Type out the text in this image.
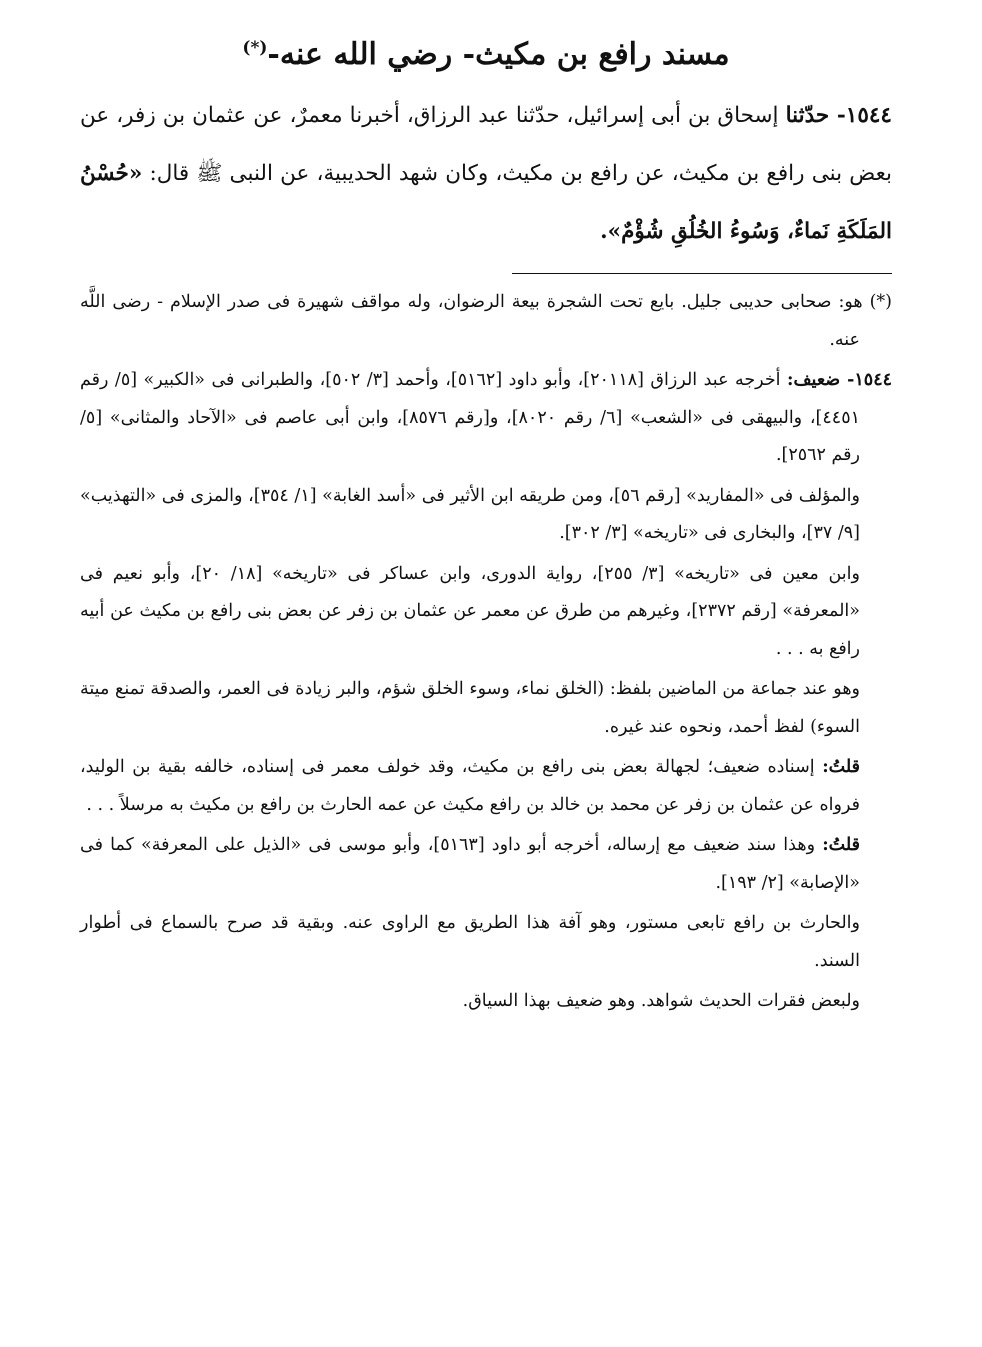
مسند رافع بن مكيث- رضي الله عنه-(*)

١٥٤٤- حدّثنا إسحاق بن أبى إسرائيل، حدّثنا عبد الرزاق، أخبرنا معمرٌ، عن عثمان بن زفر، عن بعض بنى رافع بن مكيث، عن رافع بن مكيث، وكان شهد الحديبية، عن النبى ﷺ قال: «حُسْنُ المَلَكَةِ نَماءٌ، وَسُوءُ الخُلُقِ شُؤْمٌ».

(*) هو: صحابى حديبى جليل. بايع تحت الشجرة بيعة الرضوان، وله مواقف شهيرة فى صدر الإسلام - رضى اللَّه عنه.

١٥٤٤- ضعيف: أخرجه عبد الرزاق [٢٠١١٨]، وأبو داود [٥١٦٢]، وأحمد [٣/ ٥٠٢]، والطبرانى فى «الكبير» [٥/ رقم ٤٤٥١]، والبيهقى فى «الشعب» [٦/ رقم ٨٠٢٠]، و[رقم ٨٥٧٦]، وابن أبى عاصم فى «الآحاد والمثانى» [٥/ رقم ٢٥٦٢].

والمؤلف فى «المفاريد» [رقم ٥٦]، ومن طريقه ابن الأثير فى «أسد الغابة» [١/ ٣٥٤]، والمزى فى «التهذيب» [٩/ ٣٧]، والبخارى فى «تاريخه» [٣/ ٣٠٢].

وابن معين فى «تاريخه» [٣/ ٢٥٥]، رواية الدورى، وابن عساكر فى «تاريخه» [١٨/ ٢٠]، وأبو نعيم فى «المعرفة» [رقم ٢٣٧٢]، وغيرهم من طرق عن معمر عن عثمان بن زفر عن بعض بنى رافع بن مكيث عن أبيه رافع به . . .

وهو عند جماعة من الماضين بلفظ: (الخلق نماء، وسوء الخلق شؤم، والبر زيادة فى العمر، والصدقة تمنع ميتة السوء) لفظ أحمد، ونحوه عند غيره.

قلتُ: إسناده ضعيف؛ لجهالة بعض بنى رافع بن مكيث، وقد خولف معمر فى إسناده، خالفه بقية بن الوليد، فرواه عن عثمان بن زفر عن محمد بن خالد بن رافع مكيث عن عمه الحارث بن رافع بن مكيث به مرسلاً . . .

قلتُ: وهذا سند ضعيف مع إرساله، أخرجه أبو داود [٥١٦٣]، وأبو موسى فى «الذيل على المعرفة» كما فى «الإصابة» [٢/ ١٩٣].

والحارث بن رافع تابعى مستور، وهو آفة هذا الطريق مع الراوى عنه. وبقية قد صرح بالسماع فى أطوار السند.

ولبعض فقرات الحديث شواهد. وهو ضعيف بهذا السياق.
